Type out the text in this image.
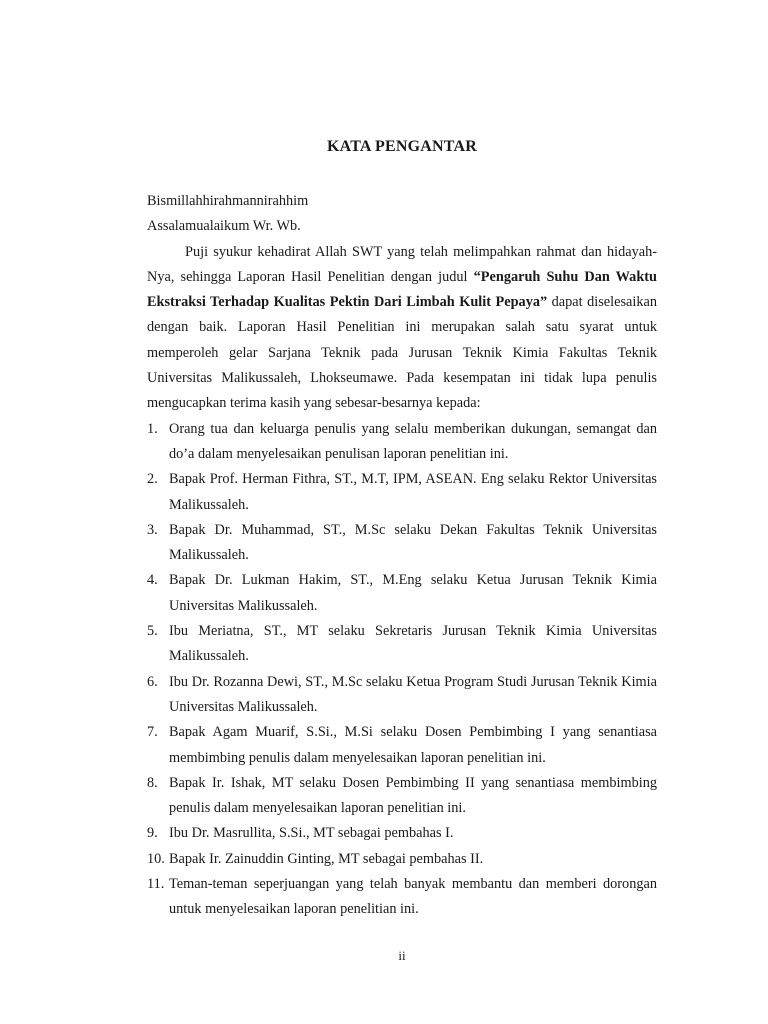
KATA PENGANTAR

Bismillahhirahmannirahhim

Assalamualaikum Wr. Wb.

Puji syukur kehadirat Allah SWT yang telah melimpahkan rahmat dan hidayah-Nya, sehingga Laporan Hasil Penelitian dengan judul “Pengaruh Suhu Dan Waktu Ekstraksi Terhadap Kualitas Pektin Dari Limbah Kulit Pepaya” dapat diselesaikan dengan baik. Laporan Hasil Penelitian ini merupakan salah satu syarat untuk memperoleh gelar Sarjana Teknik pada Jurusan Teknik Kimia Fakultas Teknik Universitas Malikussaleh, Lhokseumawe. Pada kesempatan ini tidak lupa penulis mengucapkan terima kasih yang sebesar-besarnya kepada:

1. Orang tua dan keluarga penulis yang selalu memberikan dukungan, semangat dan do’a dalam menyelesaikan penulisan laporan penelitian ini.
2. Bapak Prof. Herman Fithra, ST., M.T, IPM, ASEAN. Eng selaku Rektor Universitas Malikussaleh.
3. Bapak Dr. Muhammad, ST., M.Sc selaku Dekan Fakultas Teknik Universitas Malikussaleh.
4. Bapak Dr. Lukman Hakim, ST., M.Eng selaku Ketua Jurusan Teknik Kimia Universitas Malikussaleh.
5. Ibu Meriatna, ST., MT selaku Sekretaris Jurusan Teknik Kimia Universitas Malikussaleh.
6. Ibu Dr. Rozanna Dewi, ST., M.Sc selaku Ketua Program Studi Jurusan Teknik Kimia Universitas Malikussaleh.
7. Bapak Agam Muarif, S.Si., M.Si selaku Dosen Pembimbing I yang senantiasa membimbing penulis dalam menyelesaikan laporan penelitian ini.
8. Bapak Ir. Ishak, MT selaku Dosen Pembimbing II yang senantiasa membimbing penulis dalam menyelesaikan laporan penelitian ini.
9. Ibu Dr. Masrullita, S.Si., MT sebagai pembahas I.
10. Bapak Ir. Zainuddin Ginting, MT sebagai pembahas II.
11. Teman-teman seperjuangan yang telah banyak membantu dan memberi dorongan untuk menyelesaikan laporan penelitian ini.
ii
